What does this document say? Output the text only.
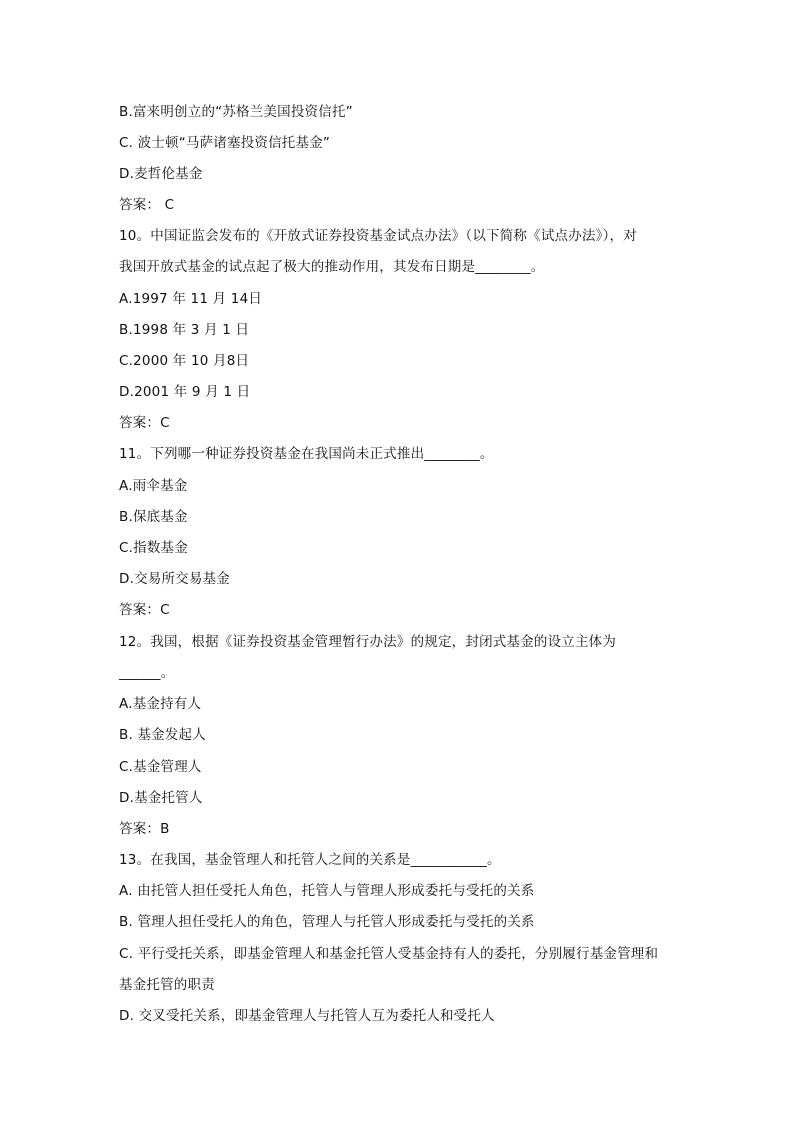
B.富来明创立的“苏格兰美国投资信托”
C. 波士顿“马萨诸塞投资信托基金”
D.麦哲伦基金
答案： C
10。中国证监会发布的《开放式证券投资基金试点办法》（以下简称《试点办法》），对
我国开放式基金的试点起了极大的推动作用，其发布日期是________。
A.1997 年 11 月 14日
B.1998 年 3 月 1 日
C.2000 年 10 月8日
D.2001 年 9 月 1 日
答案：C
11。下列哪一种证券投资基金在我国尚未正式推出________。
A.雨伞基金
B.保底基金
C.指数基金
D.交易所交易基金
答案：C
12。我国，根据《证券投资基金管理暂行办法》的规定，封闭式基金的设立主体为
______。
A.基金持有人
B. 基金发起人
C.基金管理人
D.基金托管人
答案：B
13。在我国，基金管理人和托管人之间的关系是___________。
A. 由托管人担任受托人角色，托管人与管理人形成委托与受托的关系
B. 管理人担任受托人的角色，管理人与托管人形成委托与受托的关系
C. 平行受托关系，即基金管理人和基金托管人受基金持有人的委托，分别履行基金管理和
基金托管的职责
D. 交叉受托关系，即基金管理人与托管人互为委托人和受托人
